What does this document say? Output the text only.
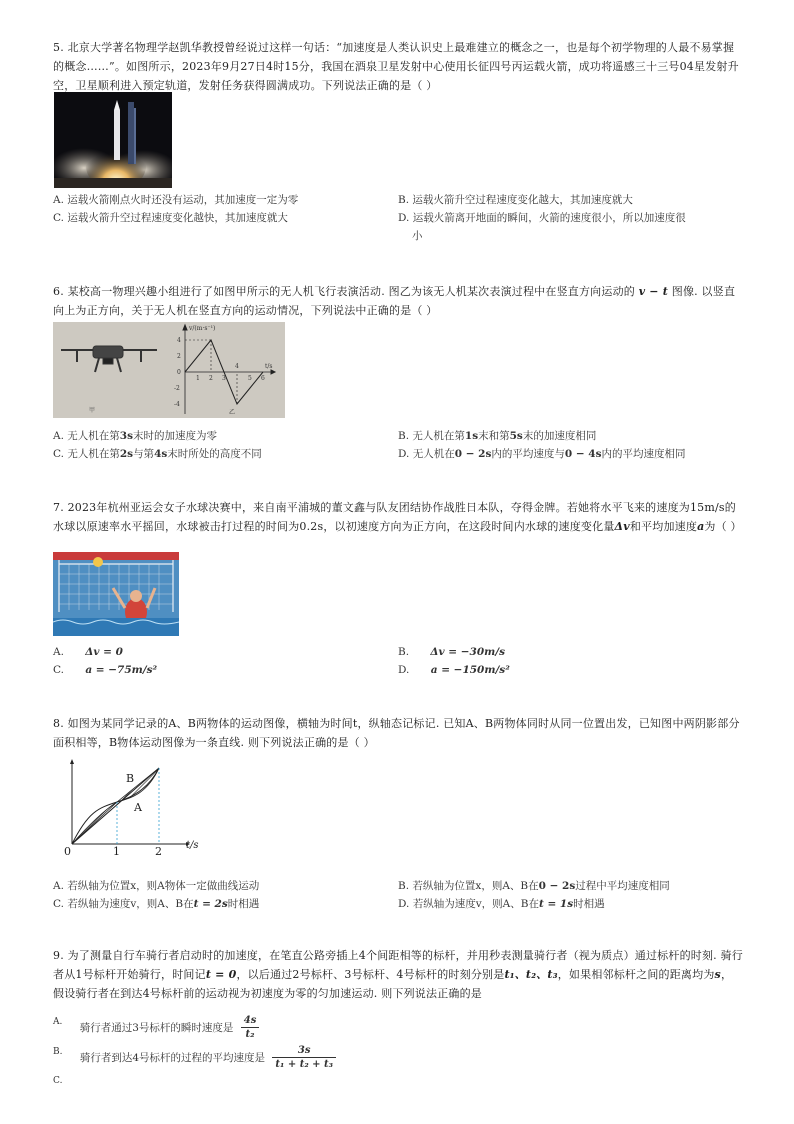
5. 北京大学著名物理学赵凯华教授曾经说过这样一句话：“加速度是人类认识史上最难建立的概念之一，也是每个初学物理的人最不易掌握的概念……”。如图所示，2023年9月27日4时15分，我国在酒泉卫星发射中心使用长征四号丙运载火箭，成功将遥感三十三号04星发射升空，卫星顺利进入预定轨道，发射任务获得圆满成功。下列说法正确的是（ ）
A. 运载火箭刚点火时还没有运动，其加速度一定为零	B. 运载火箭升空过程速度变化越大，其加速度就大
C. 运载火箭升空过程速度变化越快，其加速度就大	D. 运载火箭离开地面的瞬间，火箭的速度很小，所以加速度很
小
6. 某校高一物理兴趣小组进行了如图甲所示的无人机飞行表演活动. 图乙为该无人机某次表演过程中在竖直方向运动的 v − t 图像. 以竖直向上为正方向，关于无人机在竖直方向的运动情况，下列说法中正确的是（ ）
甲
v/(m·s⁻¹)
t/s
4
2
0
-2
-4
1 2 3
4
5 6
乙
A. 无人机在第3s末时的加速度为零	B. 无人机在第1s末和第5s末的加速度相同
C. 无人机在第2s与第4s末时所处的高度不同	D. 无人机在0 − 2s内的平均速度与0 − 4s内的平均速度相同
7. 2023年杭州亚运会女子水球决赛中，来自南平浦城的董文鑫与队友团结协作战胜日本队，夺得金牌。若她将水平飞来的速度为15m/s的水球以原速率水平摇回，水球被击打过程的时间为0.2s，以初速度方向为正方向，在这段时间内水球的速度变化量Δv和平均加速度a为（ ）
A. Δv = 0	B. Δv = −30m/s
C. a = −75m/s²	D. a = −150m/s²
8. 如图为某同学记录的A、B两物体的运动图像，横轴为时间t，纵轴态记标记. 已知A、B两物体同时从同一位置出发，已知图中两阴影部分面积相等，B物体运动图像为一条直线. 则下列说法正确的是（ ）
B
A
0	1	2 t/s
A. 若纵轴为位置x，则A物体一定做曲线运动	B. 若纵轴为位置x，则A、B在0 − 2s过程中平均速度相同
C. 若纵轴为速度v，则A、B在t = 2s时相遇	D. 若纵轴为速度v，则A、B在t = 1s时相遇
9. 为了测量自行车骑行者启动时的加速度，在笔直公路旁插上4个间距相等的标杆，并用秒表测量骑行者（视为质点）通过标杆的时刻. 骑行者从1号标杆开始骑行，时间记t = 0，以后通过2号标杆、3号标杆、4号标杆的时刻分别是t₁、t₂、t₃，如果相邻标杆之间的距离均为s，假设骑行者在到达4号标杆前的运动视为初速度为零的匀加速运动. 则下列说法正确的是
A. 骑行者通过3号标杆的瞬时速度是 $\frac{4s}{\text{t₂}}$
B. 骑行者到达4号标杆的过程的平均速度是 $\frac{3s}{\text{t₁ + t₂ + t₃}}$
C.
